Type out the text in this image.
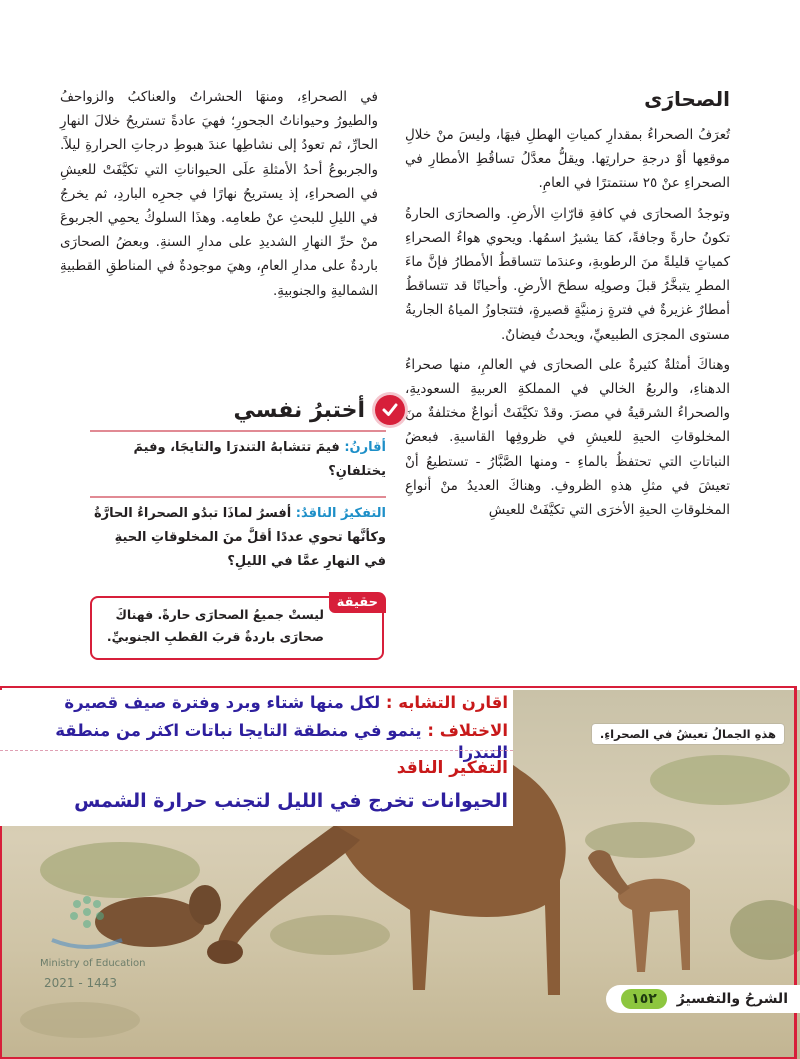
الصحارَى

تُعرَفُ الصحراءُ بمقدارِ كمياتِ الهطلِ فيهَا، وليسَ منْ خلالِ موقعِها أوْ درجةِ حرارتِها. ويقلُّ معدَّلُ تساقُطِ الأمطارِ في الصحراءِ عنْ ٢٥ سنتمترًا في العامِ.

وتوجدُ الصحارَى في كافةِ قارّاتِ الأرضِ. والصحارَى الحارةُ تكونُ حارةً وجافةً، كمَا يشيرُ اسمُها. ويحوي هواءُ الصحراءِ كمياتٍ قليلةً منَ الرطوبةِ، وعندَما تتساقطُ الأمطارُ فإنَّ ماءَ المطرِ يتبخَّرُ قبلَ وصولِه سطحَ الأرضِ. وأحيانًا قد تتساقطُ أمطارٌ غزيرةٌ في فترةٍ زمنيَّةٍ قصيرةٍ، فتتجاوزُ المياهُ الجاريةُ مستوى المجرَى الطبيعيِّ، ويحدثُ فيضانٌ.

وهناكَ أمثلةٌ كثيرةٌ على الصحارَى في العالمِ، منها صحراءُ الدهناءِ، والربعُ الخالي في المملكةِ العربيةِ السعوديةِ، والصحراءُ الشرقيةُ في مصرَ. وقدْ تكيَّفَتْ أنواعٌ مختلفةٌ منَ المخلوقاتِ الحيةِ للعيشِ في ظروفِها القاسيةِ. فبعضُ النباتاتِ التي تحتفظُ بالماءِ - ومنها الصَّبَّارُ - تستطيعُ أنْ تعيشَ في مثلِ هذهِ الظروفِ. وهناكَ العديدُ منْ أنواعِ المخلوقاتِ الحيةِ الأخرَى التي تكيَّفَتْ للعيشِ

في الصحراءِ، ومنهَا الحشراتُ والعناكبُ والزواحفُ والطيورُ وحيواناتُ الجحورِ؛ فهيَ عادةً تستريحُ خلالَ النهارِ الحارِّ، ثم تعودُ إلى نشاطِها عندَ هبوطِ درجاتِ الحرارةِ ليلاً. والجربوعُ أحدُ الأمثلةِ علَى الحيواناتِ التي تكيَّفَتْ للعيشِ في الصحراءِ، إذ يستريحُ نهارًا في جحرِه الباردِ، ثم يخرجُ في الليلِ للبحثِ عنْ طعامِه. وهذَا السلوكُ يحمِي الجربوعَ منْ حرِّ النهارِ الشديدِ على مدارِ السنةِ. وبعضُ الصحارَى باردةٌ على مدارِ العامِ، وهيَ موجودةٌ في المناطقِ القطبيةِ الشماليةِ والجنوبيةِ.

أختبرُ نفسي
أقارنُ: فيمَ تتشابهُ التندرَا والتايجَا، وفيمَ يختلفانِ؟
التفكيرُ الناقدُ: أفسرُ لماذَا تبدُو الصحراءُ الحارَّةُ وكأنَّها تحوي عددًا أقلَّ منَ المخلوقاتِ الحيةِ في النهارِ عمَّا في الليلِ؟
حقيقة
ليستْ جميعُ الصحارَى حارةً. فهناكَ صحارَى باردةٌ قربَ القطبِ الجنوبيِّ.
هذهِ الجمالُ تعيشُ في الصحراءِ.
Ministry of Education
2021 - 1443
اقارن التشابه : لكل منها شتاء وبرد وفترة صيف قصيرة
الاختلاف : ينمو في منطقة التايجا نباتات اكثر من منطقة التندرا
التفكير الناقد
الحيوانات تخرج في الليل لتجنب حرارة الشمس
الشرحُ والتفسيرُ
١٥٢
